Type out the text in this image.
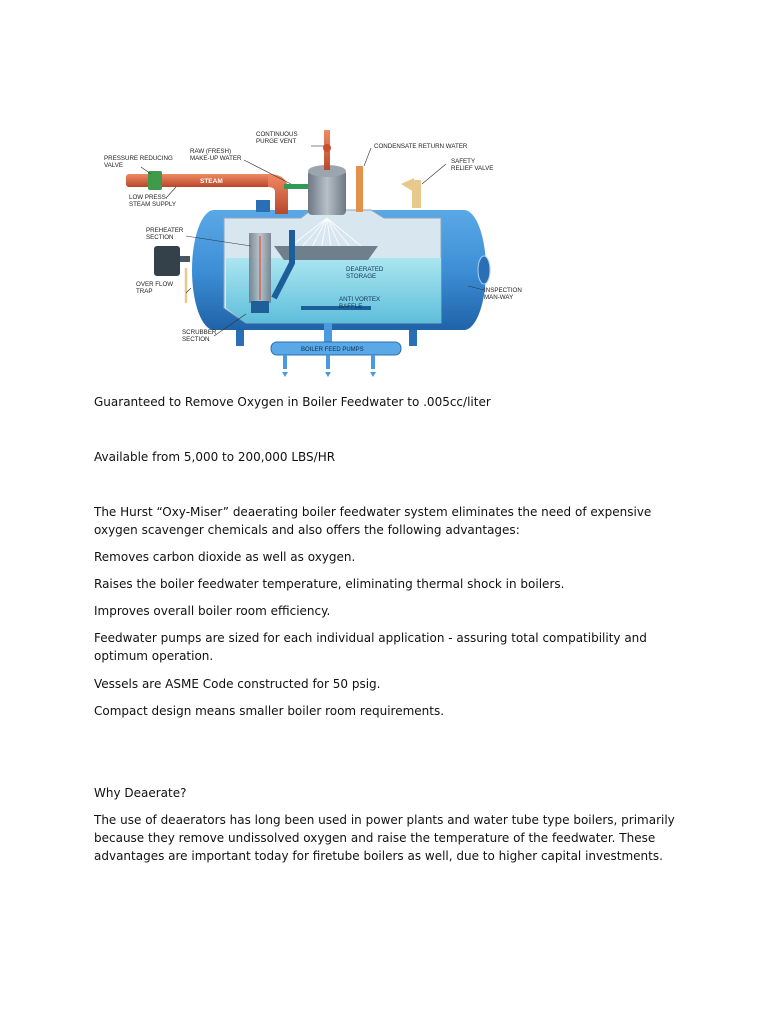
CONTINUOUS
PURGE VENT
RAW (FRESH)
MAKE-UP WATER
PRESSURE REDUCING
VALVE
CONDENSATE RETURN WATER
SAFETY
RELIEF VALVE
STEAM
LOW PRESS.
STEAM SUPPLY
PREHEATER
SECTION
OVER FLOW
TRAP
DEAERATED
STORAGE
ANTI VORTEX
BAFFLE
INSPECTION
MAN-WAY
SCRUBBER
SECTION
BOILER FEED PUMPS

Guaranteed to Remove Oxygen in Boiler Feedwater to .005cc/liter

Available from 5,000 to 200,000 LBS/HR

The Hurst “Oxy-Miser” deaerating boiler feedwater system eliminates the need of expensive oxygen scavenger chemicals and also offers the following advantages:

Removes carbon dioxide as well as oxygen.

Raises the boiler feedwater temperature, eliminating thermal shock in boilers.

Improves overall boiler room efficiency.

Feedwater pumps are sized for each individual application - assuring total compatibility and optimum operation.

Vessels are ASME Code constructed for 50 psig.

Compact design means smaller boiler room requirements.

Why Deaerate?

The use of deaerators has long been used in power plants and water tube type boilers, primarily because they remove undissolved oxygen and raise the temperature of the feedwater. These advantages are important today for firetube boilers as well, due to higher capital investments.
